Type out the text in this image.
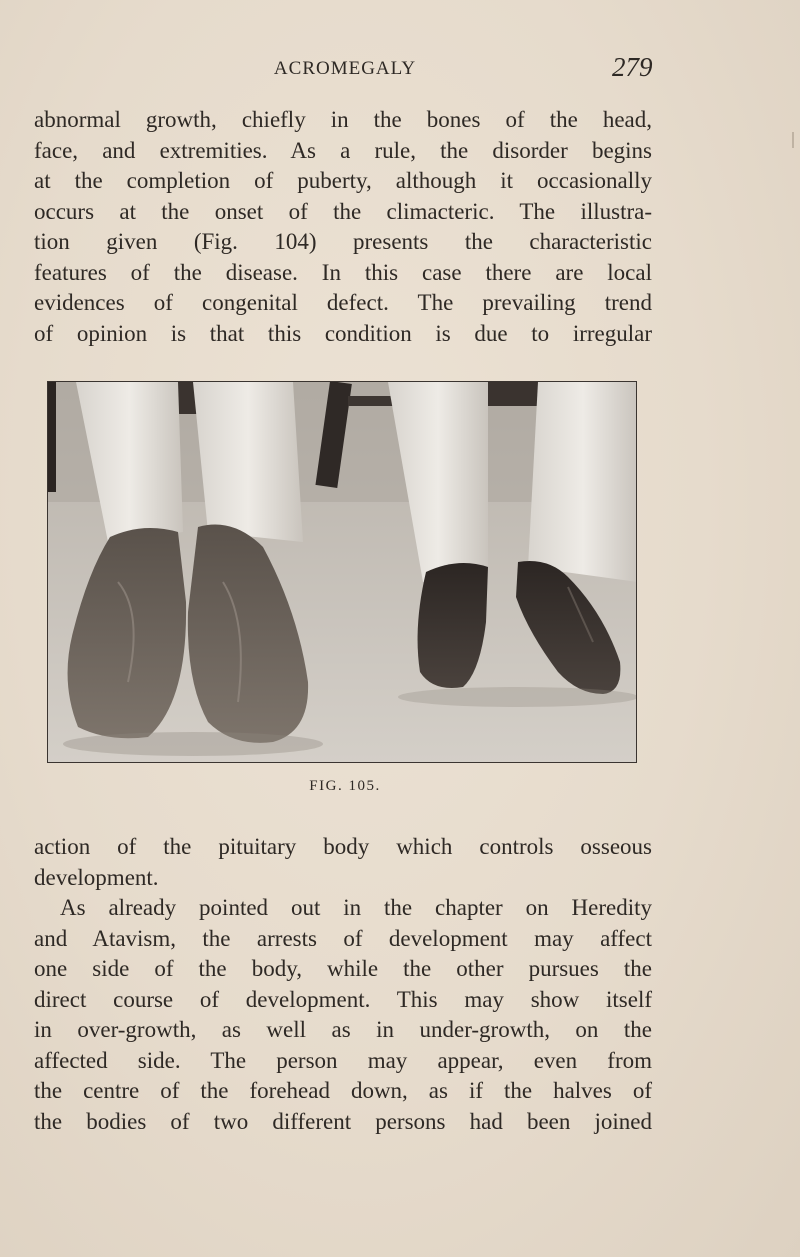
ACROMEGALY	279
abnormal growth, chiefly in the bones of the head,
face, and extremities. As a rule, the disorder begins
at the completion of puberty, although it occasionally
occurs at the onset of the climacteric. The illustra-
tion given (Fig. 104) presents the characteristic
features of the disease. In this case there are local
evidences of congenital defect. The prevailing trend
of opinion is that this condition is due to irregular
FIG. 105.
action of the pituitary body which controls osseous
development.
As already pointed out in the chapter on Heredity
and Atavism, the arrests of development may affect
one side of the body, while the other pursues the
direct course of development. This may show itself
in over-growth, as well as in under-growth, on the
affected side. The person may appear, even from
the centre of the forehead down, as if the halves of
the bodies of two different persons had been joined
